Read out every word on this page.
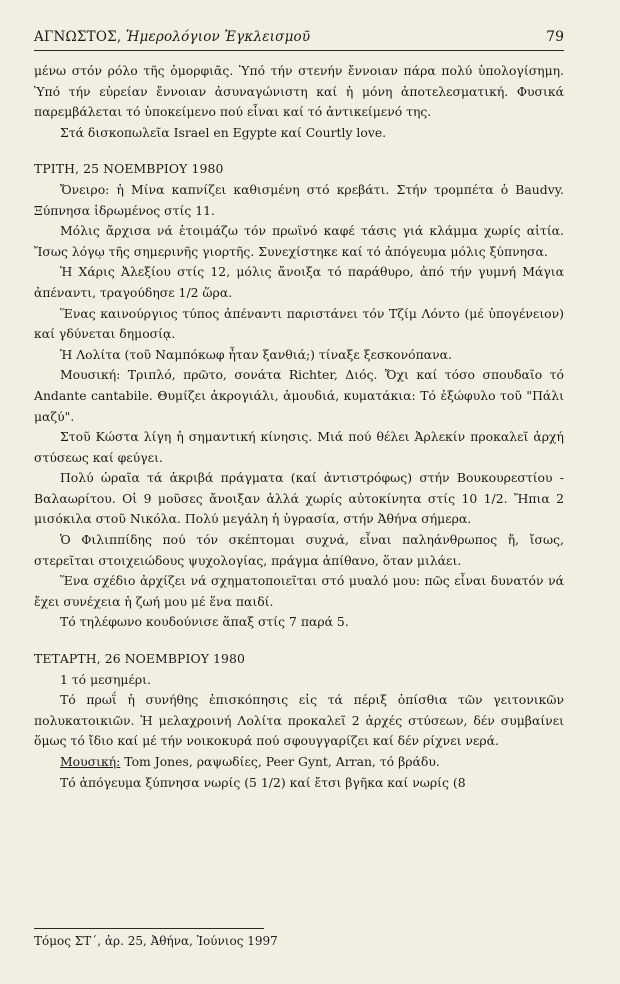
ΑΓΝΩΣΤΟΣ, Ἡμερολόγιον Ἐγκλεισμοῦ	79

μένω στόν ρόλο τῆς ὁμορφιᾶς. Ὑπό τήν στενήν ἔννοιαν πάρα πολύ ὑπολογίσημη. Ὑπό τήν εὐρείαν ἔννοιαν ἀσυναγώνιστη καί ἡ μόνη ἀποτελεσματική. Φυσικά παρεμβάλεται τό ὑποκείμενο πού εἶναι καί τό ἀντικείμενό της.

Στά δισκοπωλεῖα Israel en Egypte καί Courtly love.

ΤΡΙΤΗ, 25 ΝΟΕΜΒΡΙΟΥ 1980

Ὄνειρο: ἡ Μίνα καπνίζει καθισμένη στό κρεβάτι. Στήν τρομπέτα ὁ Baudvy. Ξύπνησα ἱδρωμένος στίς 11.

Μόλις ἄρχισα νά ἑτοιμάζω τόν πρωϊνό καφέ τάσις γιά κλάμμα χωρίς αἰτία. Ἴσως λόγῳ τῆς σημερινῆς γιορτῆς. Συνεχίστηκε καί τό ἀπόγευμα μόλις ξύπνησα.

Ἡ Χάρις Ἀλεξίου στίς 12, μόλις ἄνοιξα τό παράθυρο, ἀπό τήν γυμνή Μάγια ἀπέναντι, τραγούδησε 1/2 ὥρα.

Ἕνας καινούργιος τύπος ἀπέναντι παριστάνει τόν Τζίμ Λόντο (μέ ὑπογένειον) καί γδύνεται δημοσίᾳ.

Ἡ Λολίτα (τοῦ Ναμπόκωφ ἦταν ξανθιά;) τίναξε ξεσκονόπανα.

Μουσική: Τριπλό, πρῶτο, σονάτα Richter, Διός. Ὄχι καί τόσο σπουδαῖο τό Andante cantabile. Θυμίζει ἀκρογιάλι, ἀμουδιά, κυματάκια: Τό ἐξώφυλο τοῦ "Πάλι μαζύ".

Στοῦ Κώστα λίγη ἡ σημαντική κίνησις. Μιά πού θέλει Ἀρλεκίν προκαλεῖ ἀρχή στύσεως καί φεύγει.

Πολύ ὡραῖα τά ἀκριβά πράγματα (καί ἀντιστρόφως) στήν Βουκουρεστίου - Βαλαωρίτου. Οἱ 9 μοῦσες ἄνοιξαν ἀλλά χωρίς αὐτοκίνητα στίς 10 1/2. Ἤπια 2 μισόκιλα στοῦ Νικόλα. Πολύ μεγάλη ἡ ὑγρασία, στήν Ἀθήνα σήμερα.

Ὁ Φιλιππίδης πού τόν σκέπτομαι συχνά, εἶναι παληάνθρωπος ἤ, ἴσως, στερεῖται στοιχειώδους ψυχολογίας, πράγμα ἀπίθανο, ὅταν μιλάει.

Ἕνα σχέδιο ἀρχίζει νά σχηματοποιεῖται στό μυαλό μου: πῶς εἶναι δυνατόν νά ἔχει συνέχεια ἡ ζωή μου μέ ἕνα παιδί.

Τό τηλέφωνο κουδούνισε ἅπαξ στίς 7 παρά 5.

ΤΕΤΑΡΤΗ, 26 ΝΟΕΜΒΡΙΟΥ 1980

1 τό μεσημέρι.

Τό πρωΐ ἡ συνήθης ἐπισκόπησις εἰς τά πέριξ ὀπίσθια τῶν γειτονικῶν πολυκατοικιῶν. Ἡ μελαχροινή Λολίτα προκαλεῖ 2 ἀρχές στύσεων, δέν συμβαίνει ὅμως τό ἴδιο καί μέ τήν νοικοκυρά πού σφουγγαρίζει καί δέν ρίχνει νερά.

Μουσική: Tom Jones, ραψωδίες, Peer Gynt, Arran, τό βράδυ.

Τό ἀπόγευμα ξύπνησα νωρίς (5 1/2) καί ἔτσι βγῆκα καί νωρίς (8

Τόμος ΣΤ΄, ἀρ. 25, Ἀθήνα, Ἰούνιος 1997
